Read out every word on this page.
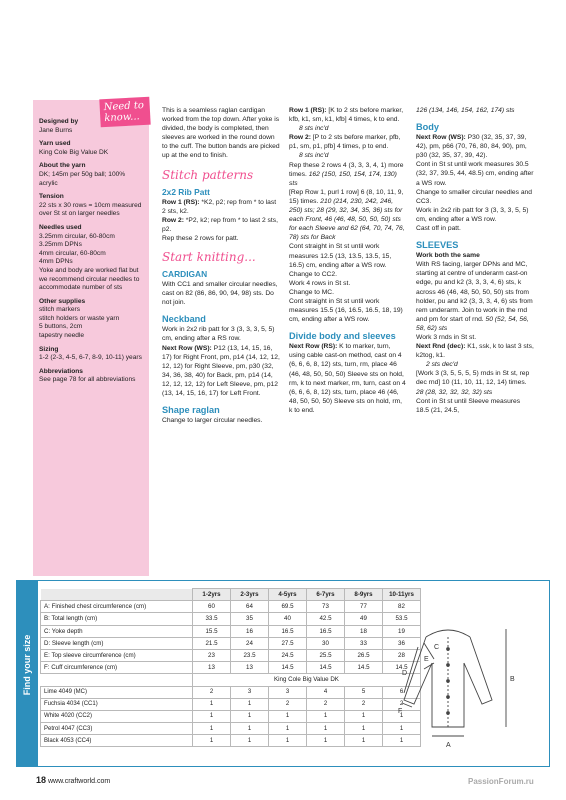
Designed by
Jane Burns
Yarn used
King Cole Big Value DK
About the yarn
DK; 145m per 50g ball; 100% acrylic
Tension
22 sts x 30 rows = 10cm measured over St st on larger needles
Needles used
3.25mm circular, 60-80cm
3.25mm DPNs
4mm circular, 60-80cm
4mm DPNs
Yoke and body are worked flat but we recommend circular needles to accommodate number of sts
Other supplies
stitch markers
stitch holders or waste yarn
5 buttons, 2cm
tapestry needle
Sizing
1-2 (2-3, 4-5, 6-7, 8-9, 10-11) years
Abbreviations
See page 78 for all abbreviations
Need to know...

This is a seamless raglan cardigan worked from the top down. After yoke is divided, the body is completed, then sleeves are worked in the round down to the cuff. The button bands are picked up at the end to finish.

Stitch patterns
2x2 Rib Patt

Row 1 (RS): *K2, p2; rep from * to last 2 sts, k2.

Row 2: *P2, k2; rep from * to last 2 sts, p2.

Rep these 2 rows for patt.

Start knitting...
CARDIGAN

With CC1 and smaller circular needles, cast on 82 (86, 86, 90, 94, 98) sts. Do not join.

Neckband

Work in 2x2 rib patt for 3 (3, 3, 3, 5, 5) cm, ending after a RS row.

Next Row (WS): P12 (13, 14, 15, 16, 17) for Right Front, pm, p14 (14, 12, 12, 12, 12) for Right Sleeve, pm, p30 (32, 34, 36, 38, 40) for Back, pm, p14 (14, 12, 12, 12, 12) for Left Sleeve, pm, p12 (13, 14, 15, 16, 17) for Left Front.

Shape raglan

Change to larger circular needles.

Row 1 (RS): [K to 2 sts before marker, kfb, k1, sm, k1, kfb] 4 times, k to end.

8 sts inc'd

Row 2: [P to 2 sts before marker, pfb, p1, sm, p1, pfb] 4 times, p to end.

8 sts inc'd

Rep these 2 rows 4 (3, 3, 3, 4, 1) more times. 162 (150, 150, 154, 174, 130) sts

[Rep Row 1, purl 1 row] 6 (8, 10, 11, 9, 15) times. 210 (214, 230, 242, 246, 250) sts; 28 (29, 32, 34, 35, 36) sts for each Front, 46 (46, 48, 50, 50, 50) sts for each Sleeve and 62 (64, 70, 74, 76, 78) sts for Back

Cont straight in St st until work measures 12.5 (13, 13.5, 13.5, 15, 16.5) cm, ending after a WS row.

Change to CC2.

Work 4 rows in St st.

Change to MC.

Cont straight in St st until work measures 15.5 (16, 16.5, 16.5, 18, 19) cm, ending after a WS row.

Divide body and sleeves

Next Row (RS): K to marker, turn, using cable cast-on method, cast on 4 (6, 6, 6, 8, 12) sts, turn, rm, place 46 (46, 48, 50, 50, 50) Sleeve sts on hold, rm, k to next marker, rm, turn, cast on 4 (6, 6, 6, 8, 12) sts, turn, place 46 (46, 48, 50, 50, 50) Sleeve sts on hold, rm, k to end.

126 (134, 146, 154, 162, 174) sts

Body

Next Row (WS): P30 (32, 35, 37, 39, 42), pm, p66 (70, 76, 80, 84, 90), pm, p30 (32, 35, 37, 39, 42).

Cont in St st until work measures 30.5 (32, 37, 39.5, 44, 48.5) cm, ending after a WS row.

Change to smaller circular needles and CC3.

Work in 2x2 rib patt for 3 (3, 3, 3, 5, 5) cm, ending after a WS row.

Cast off in patt.

SLEEVES

Work both the same

With RS facing, larger DPNs and MC, starting at centre of underarm cast-on edge, pu and k2 (3, 3, 3, 4, 6) sts, k across 46 (46, 48, 50, 50, 50) sts from holder, pu and k2 (3, 3, 3, 4, 6) sts from rem underarm. Join to work in the rnd and pm for start of rnd. 50 (52, 54, 56, 58, 62) sts

Work 3 rnds in St st.

Next Rnd (dec): K1, ssk, k to last 3 sts, k2tog, k1.

2 sts dec'd

[Work 3 (3, 5, 5, 5, 5) rnds in St st, rep dec rnd] 10 (11, 10, 11, 12, 14) times. 28 (28, 32, 32, 32, 32) sts

Cont in St st until Sleeve measures 18.5 (21, 24.5,

Find your size
	1-2yrs	2-3yrs	4-5yrs	6-7yrs	8-9yrs	10-11yrs
A: Finished chest circumference (cm)	60	64	69.5	73	77	82
B: Total length (cm)	33.5	35	40	42.5	49	53.5
C: Yoke depth	15.5	16	16.5	16.5	18	19
D: Sleeve length (cm)	21.5	24	27.5	30	33	36
E: Top sleeve circumference (cm)	23	23.5	24.5	25.5	26.5	28
F: Cuff circumference (cm)	13	13	14.5	14.5	14.5	14.5
	King Cole Big Value DK					
Lime 4049 (MC)	2	3	3	4	5	6
Fuchsia 4034 (CC1)	1	1	2	2	2	2
White 4020 (CC2)	1	1	1	1	1	1
Petrol 4047 (CC3)	1	1	1	1	1	1
Black 4053 (CC4)	1	1	1	1	1	1
B
A
C
E
D
F
18 www.craftworld.com	PassionForum.ru
